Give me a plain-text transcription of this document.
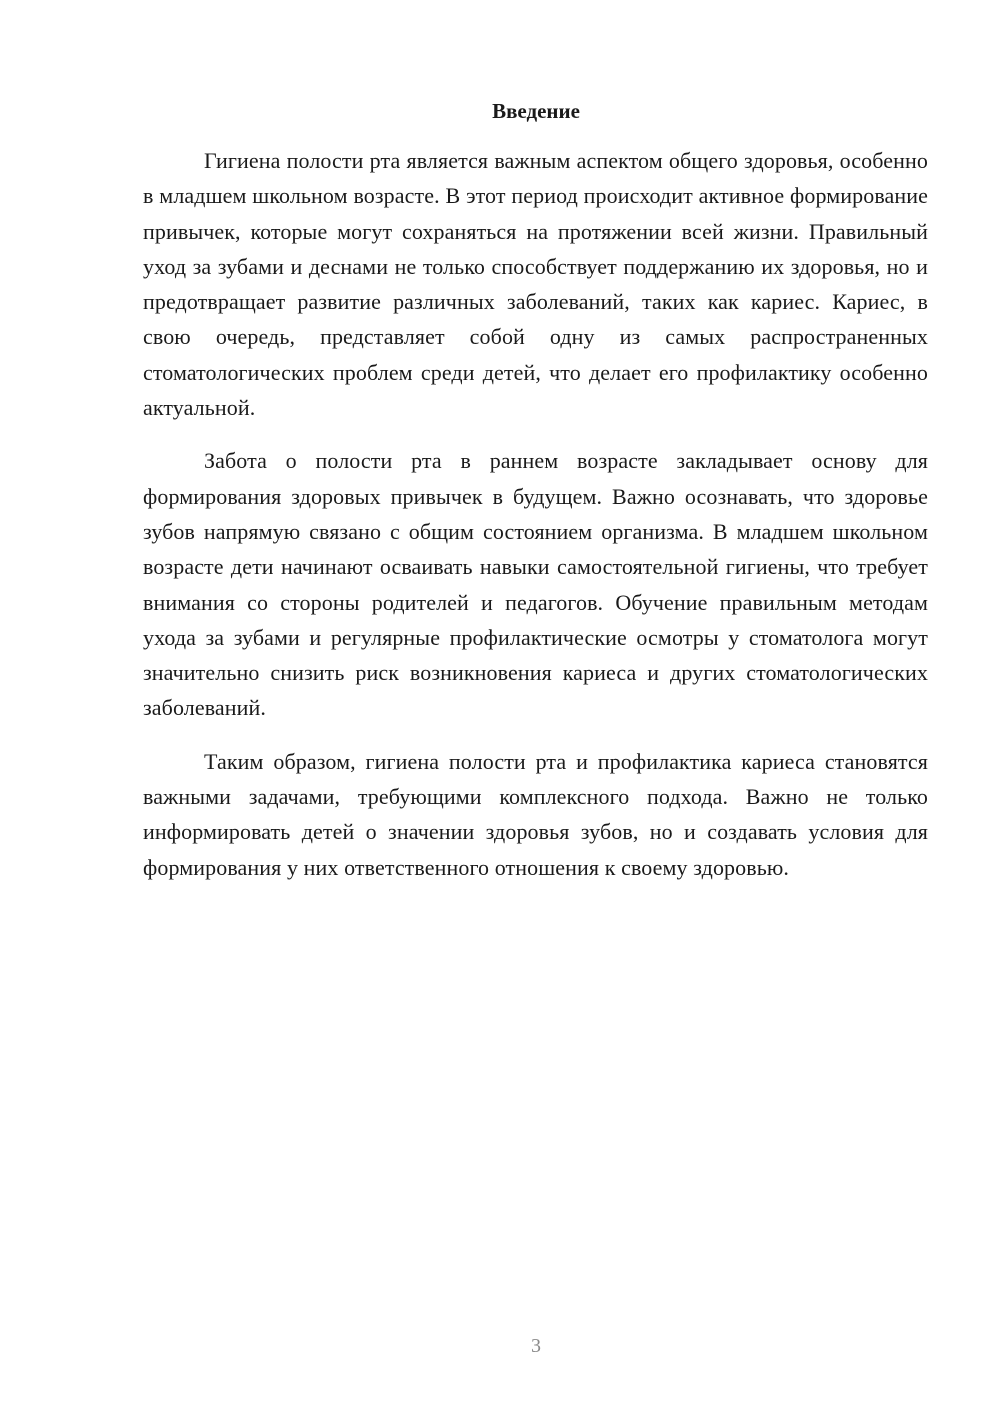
Введение

Гигиена полости рта является важным аспектом общего здоровья, особенно в младшем школьном возрасте. В этот период происходит активное формирование привычек, которые могут сохраняться на протяжении всей жизни. Правильный уход за зубами и деснами не только способствует поддержанию их здоровья, но и предотвращает развитие различных заболеваний, таких как кариес. Кариес, в свою очередь, представляет собой одну из самых распространенных стоматологических проблем среди детей, что делает его профилактику особенно актуальной.

Забота о полости рта в раннем возрасте закладывает основу для формирования здоровых привычек в будущем. Важно осознавать, что здоровье зубов напрямую связано с общим состоянием организма. В младшем школьном возрасте дети начинают осваивать навыки самостоятельной гигиены, что требует внимания со стороны родителей и педагогов. Обучение правильным методам ухода за зубами и регулярные профилактические осмотры у стоматолога могут значительно снизить риск возникновения кариеса и других стоматологических заболеваний.

Таким образом, гигиена полости рта и профилактика кариеса становятся важными задачами, требующими комплексного подхода. Важно не только информировать детей о значении здоровья зубов, но и создавать условия для формирования у них ответственного отношения к своему здоровью.

3
